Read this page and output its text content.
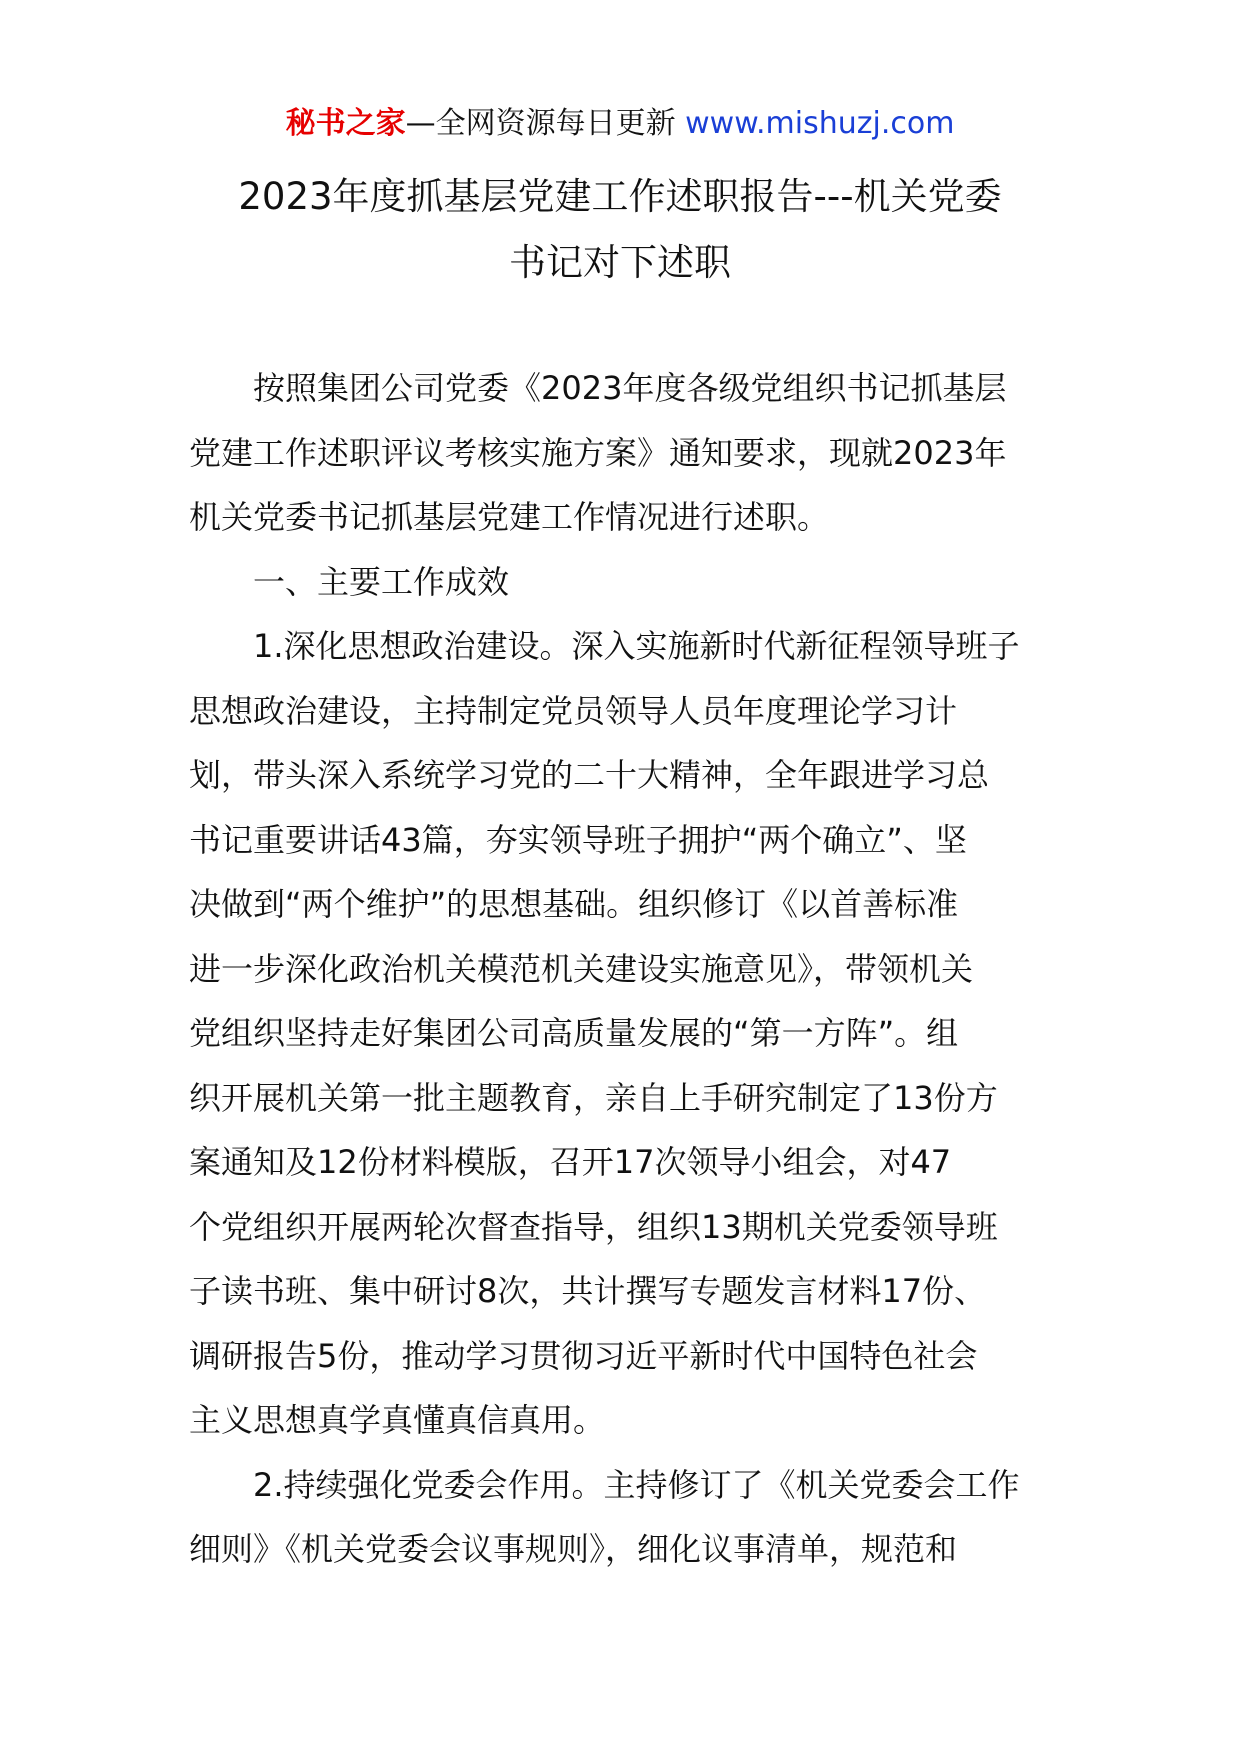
秘书之家—全网资源每日更新 www.mishuzj.com
2023年度抓基层党建工作述职报告---机关党委
书记对下述职

按照集团公司党委《2023年度各级党组织书记抓基层
党建工作述职评议考核实施方案》通知要求，现就2023年
机关党委书记抓基层党建工作情况进行述职。

一、主要工作成效

1.深化思想政治建设。深入实施新时代新征程领导班子
思想政治建设，主持制定党员领导人员年度理论学习计
划，带头深入系统学习党的二十大精神，全年跟进学习总
书记重要讲话43篇，夯实领导班子拥护“两个确立”、坚
决做到“两个维护”的思想基础。组织修订《以首善标准
进一步深化政治机关模范机关建设实施意见》，带领机关
党组织坚持走好集团公司高质量发展的“第一方阵”。组
织开展机关第一批主题教育，亲自上手研究制定了13份方
案通知及12份材料模版，召开17次领导小组会，对47
个党组织开展两轮次督查指导，组织13期机关党委领导班
子读书班、集中研讨8次，共计撰写专题发言材料17份、
调研报告5份，推动学习贯彻习近平新时代中国特色社会
主义思想真学真懂真信真用。

2.持续强化党委会作用。主持修订了《机关党委会工作
细则》《机关党委会议事规则》，细化议事清单，规范和
